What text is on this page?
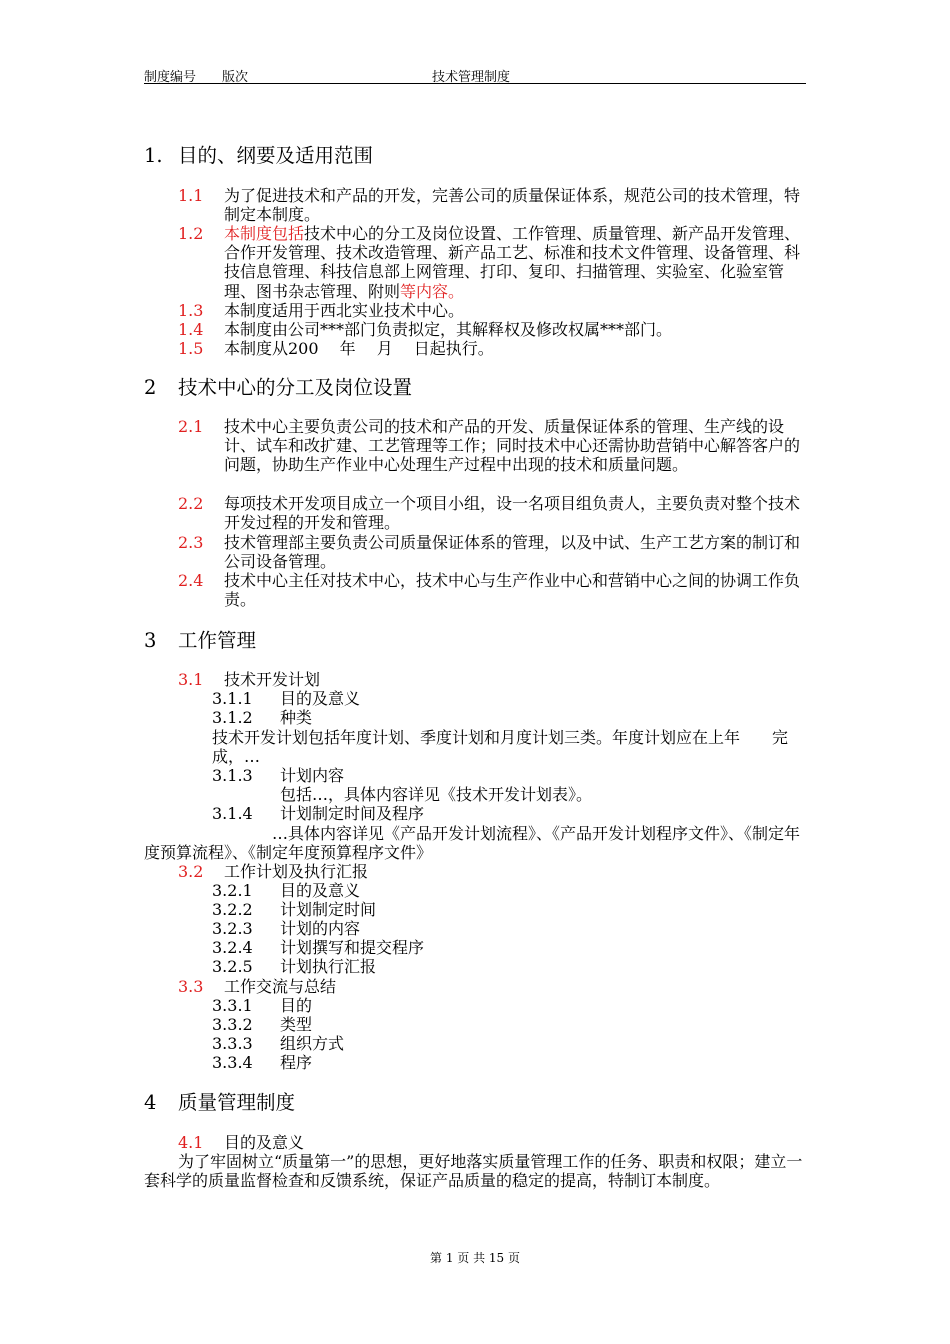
制度编号 版次	技术管理制度
1. 目的、纲要及适用范围
1.1 为了促进技术和产品的开发，完善公司的质量保证体系，规范公司的技术管理，特制定本制度。
1.2 本制度包括技术中心的分工及岗位设置、工作管理、质量管理、新产品开发管理、合作开发管理、技术改造管理、新产品工艺、标准和技术文件管理、设备管理、科技信息管理、科技信息部上网管理、打印、复印、扫描管理、实验室、化验室管理、图书杂志管理、附则等内容。
1.3 本制度适用于西北实业技术中心。
1.4 本制度由公司***部门负责拟定，其解释权及修改权属***部门。
1.5 本制度从200　 年　 月　 日起执行。
2 技术中心的分工及岗位设置
2.1 技术中心主要负责公司的技术和产品的开发、质量保证体系的管理、生产线的设计、试车和改扩建、工艺管理等工作；同时技术中心还需协助营销中心解答客户的问题，协助生产作业中心处理生产过程中出现的技术和质量问题。
2.2 每项技术开发项目成立一个项目小组，设一名项目组负责人，主要负责对整个技术开发过程的开发和管理。
2.3 技术管理部主要负责公司质量保证体系的管理，以及中试、生产工艺方案的制订和公司设备管理。
2.4 技术中心主任对技术中心，技术中心与生产作业中心和营销中心之间的协调工作负责。
3 工作管理
3.1 技术开发计划
3.1.1 目的及意义
3.1.2 种类
技术开发计划包括年度计划、季度计划和月度计划三类。年度计划应在上年　　完成，…
3.1.3 计划内容
包括…，具体内容详见《技术开发计划表》。
3.1.4 计划制定时间及程序
…具体内容详见《产品开发计划流程》、《产品开发计划程序文件》、《制定年度预算流程》、《制定年度预算程序文件》
3.2 工作计划及执行汇报
3.2.1 目的及意义
3.2.2 计划制定时间
3.2.3 计划的内容
3.2.4 计划撰写和提交程序
3.2.5 计划执行汇报
3.3 工作交流与总结
3.3.1 目的
3.3.2 类型
3.3.3 组织方式
3.3.4 程序
4 质量管理制度
4.1 目的及意义
为了牢固树立“质量第一”的思想，更好地落实质量管理工作的任务、职责和权限；建立一套科学的质量监督检查和反馈系统，保证产品质量的稳定的提高，特制订本制度。
第 1 页 共 15 页
